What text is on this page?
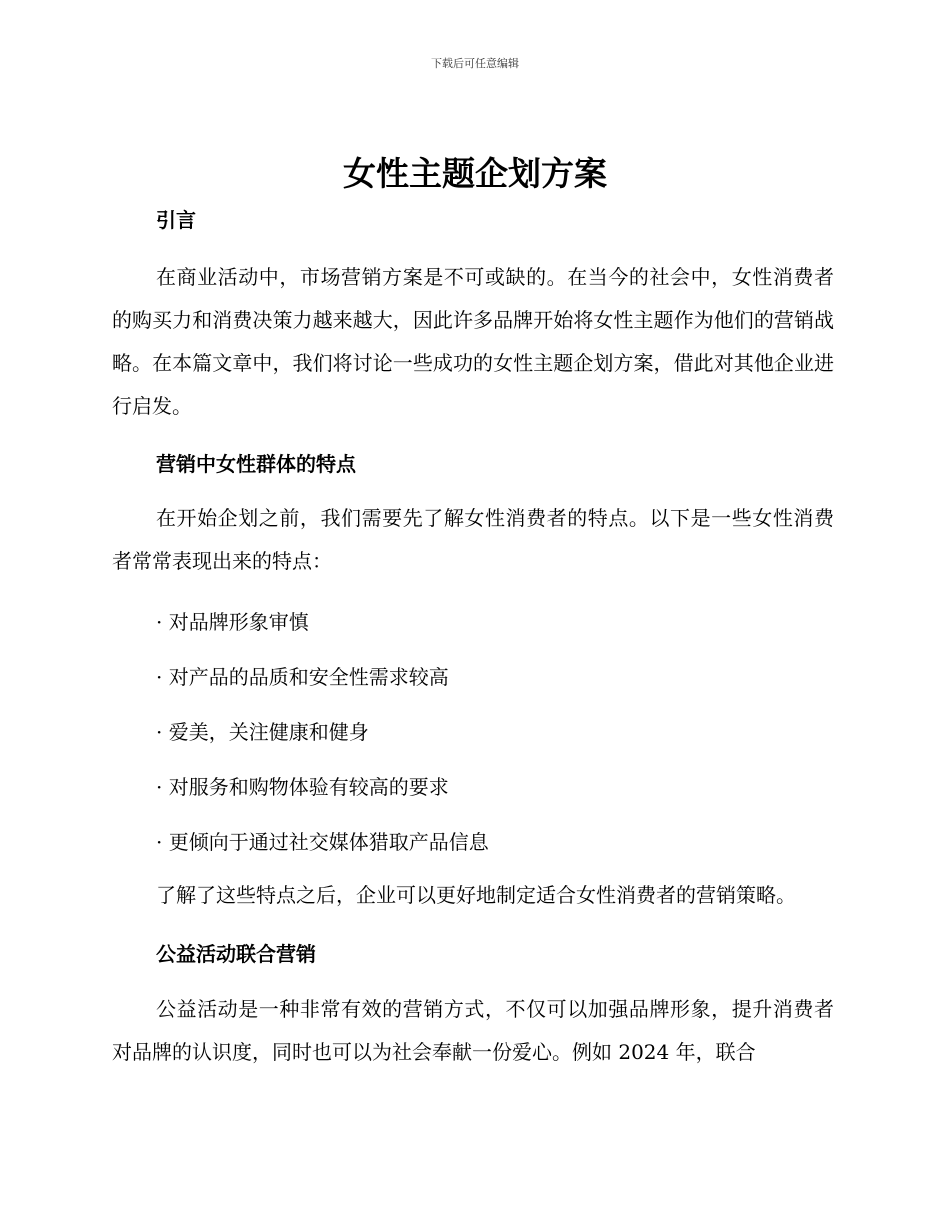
下载后可任意编辑
女性主题企划方案
引言

在商业活动中，市场营销方案是不可或缺的。在当今的社会中，女性消费者的购买力和消费决策力越来越大，因此许多品牌开始将女性主题作为他们的营销战略。在本篇文章中，我们将讨论一些成功的女性主题企划方案，借此对其他企业进行启发。

营销中女性群体的特点

在开始企划之前，我们需要先了解女性消费者的特点。以下是一些女性消费者常常表现出来的特点：

· 对品牌形象审慎

· 对产品的品质和安全性需求较高

· 爱美，关注健康和健身

· 对服务和购物体验有较高的要求

· 更倾向于通过社交媒体猎取产品信息

了解了这些特点之后，企业可以更好地制定适合女性消费者的营销策略。

公益活动联合营销

公益活动是一种非常有效的营销方式，不仅可以加强品牌形象，提升消费者对品牌的认识度，同时也可以为社会奉献一份爱心。例如 2024 年，联合
